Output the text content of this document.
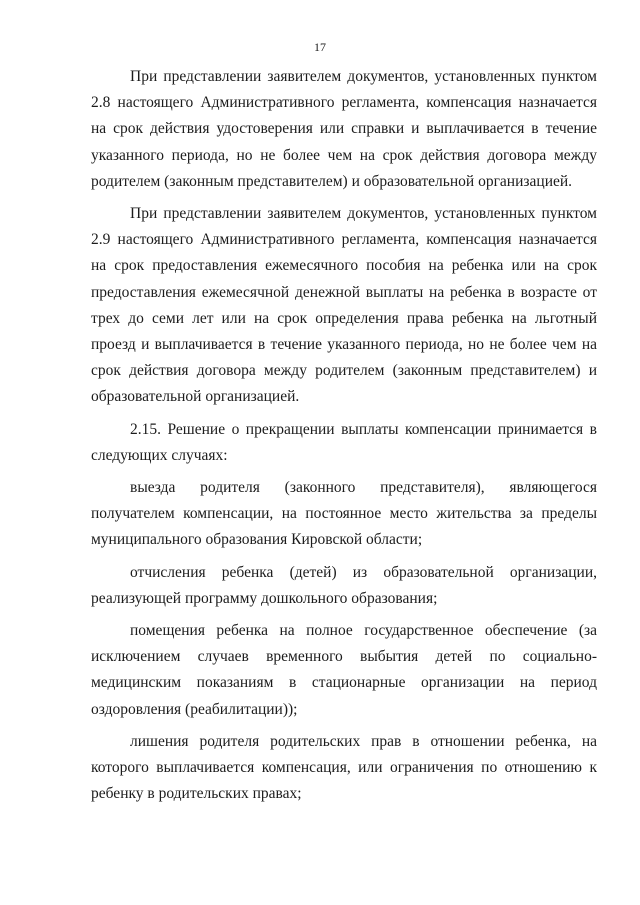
17

При представлении заявителем документов, установленных пунктом 2.8 настоящего Административного регламента, компенсация назначается на срок действия удостоверения или справки и выплачивается в течение указанного периода, но не более чем на срок действия договора между родителем (законным представителем) и образовательной организацией.

При представлении заявителем документов, установленных пунктом 2.9 настоящего Административного регламента, компенсация назначается на срок предоставления ежемесячного пособия на ребенка или на срок предоставления ежемесячной денежной выплаты на ребенка в возрасте от трех до семи лет или на срок определения права ребенка на льготный проезд и выплачивается в течение указанного периода, но не более чем на срок действия договора между родителем (законным представителем) и образовательной организацией.

2.15. Решение о прекращении выплаты компенсации принимается в следующих случаях:

выезда родителя (законного представителя), являющегося получателем компенсации, на постоянное место жительства за пределы муниципального образования Кировской области;

отчисления ребенка (детей) из образовательной организации, реализующей программу дошкольного образования;

помещения ребенка на полное государственное обеспечение (за исключением случаев временного выбытия детей по социально-медицинским показаниям в стационарные организации на период оздоровления (реабилитации));

лишения родителя родительских прав в отношении ребенка, на которого выплачивается компенсация, или ограничения по отношению к ребенку в родительских правах;
